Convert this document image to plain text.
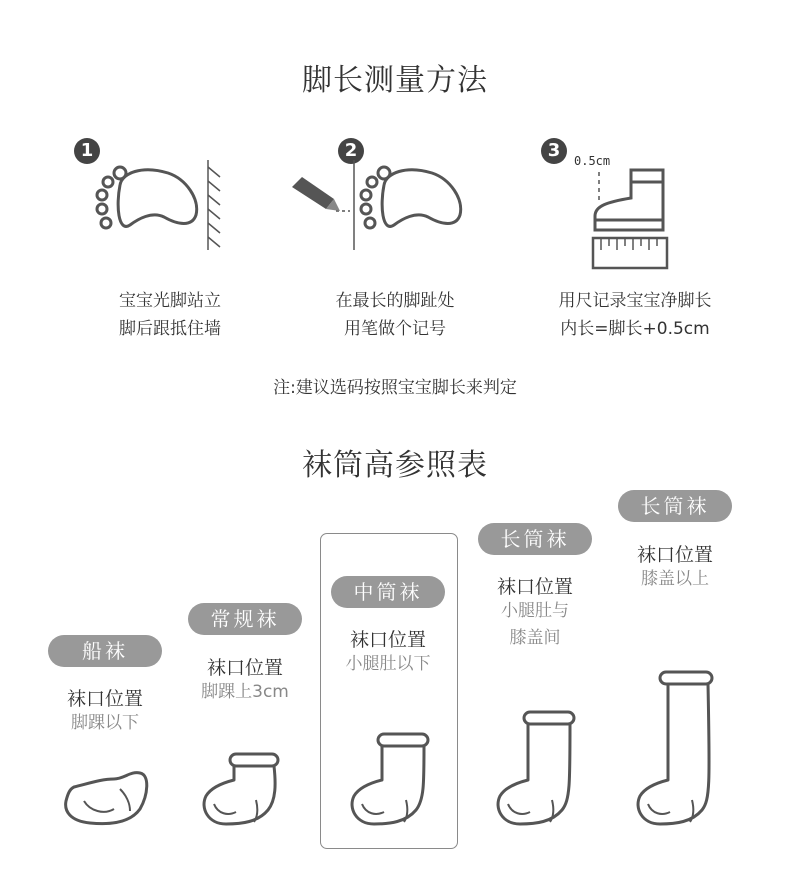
脚长测量方法
1
宝宝光脚站立
脚后跟抵住墙
2
在最长的脚趾处
用笔做个记号
3	0.5cm
用尺记录宝宝净脚长
内长=脚长+0.5cm
注:建议选码按照宝宝脚长来判定
袜筒高参照表
船袜
袜口位置
脚踝以下
常规袜
袜口位置
脚踝上3cm
中筒袜
袜口位置
小腿肚以下
长筒袜
袜口位置
小腿肚与
膝盖间
长筒袜
袜口位置
膝盖以上
